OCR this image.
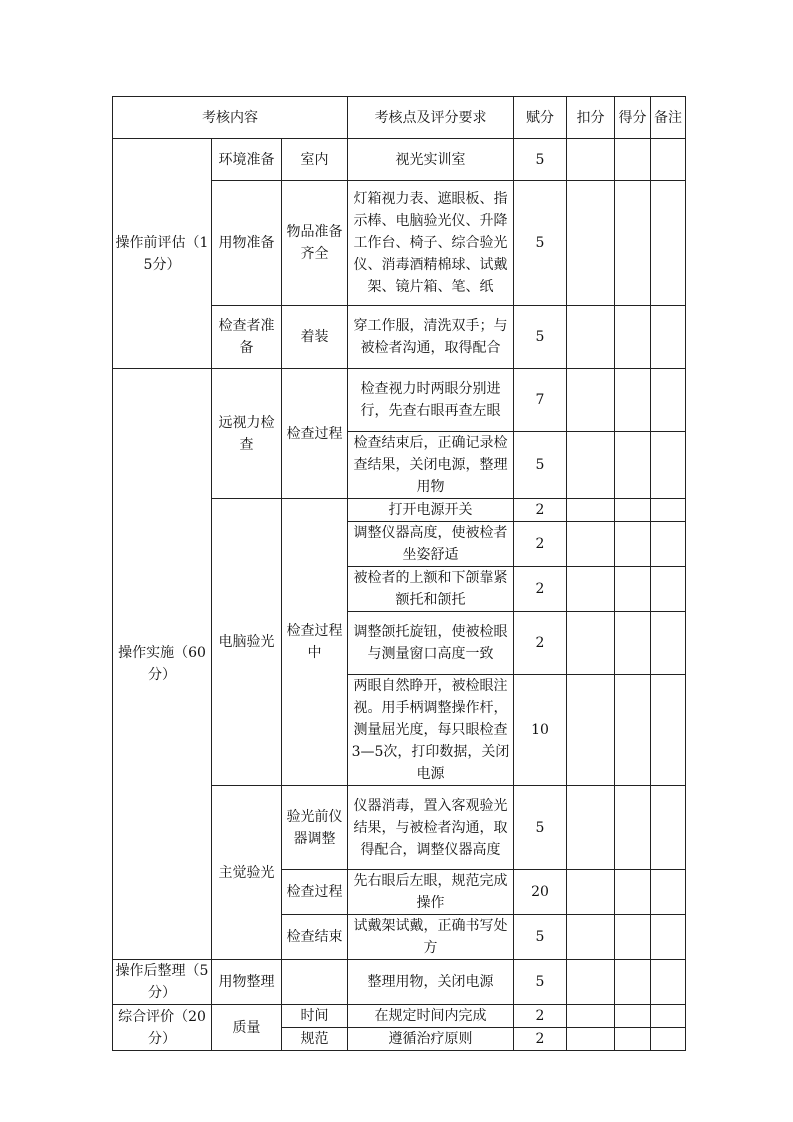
考核内容			考核点及评分要求	赋分	扣分	得分	备注
操作前评估（15分）	环境准备	室内	视光实训室	5			
	用物准备	物品准备齐全	灯箱视力表、遮眼板、指示棒、电脑验光仪、升降工作台、椅子、综合验光仪、消毒酒精棉球、试戴架、镜片箱、笔、纸	5			
	检查者准备	着装	穿工作服，清洗双手；与被检者沟通，取得配合	5			
操作实施（60分）	远视力检查	检查过程	检查视力时两眼分别进行，先查右眼再查左眼	7			
			检查结束后，正确记录检查结果，关闭电源，整理用物	5			
	电脑验光	检查过程中	打开电源开关	2			
			调整仪器高度，使被检者坐姿舒适	2			
			被检者的上额和下颌靠紧额托和颌托	2			
			调整颌托旋钮，使被检眼与测量窗口高度一致	2			
			两眼自然睁开，被检眼注视。用手柄调整操作杆，测量屈光度，每只眼检查3—5次，打印数据，关闭电源	10			
	主觉验光	验光前仪器调整	仪器消毒，置入客观验光结果，与被检者沟通，取得配合，调整仪器高度	5			
		检查过程	先右眼后左眼，规范完成操作	20			
		检查结束	试戴架试戴，正确书写处方	5			
操作后整理（5分）	用物整理		整理用物，关闭电源	5			
综合评价（20分）	质量	时间	在规定时间内完成	2			
		规范	遵循治疗原则	2			
